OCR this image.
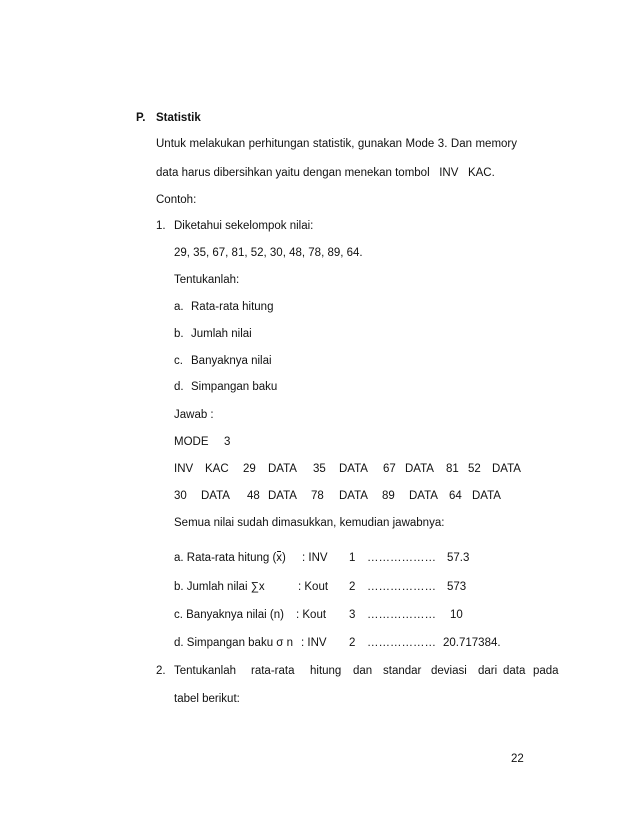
P. Statistik
Untuk melakukan perhitungan statistik, gunakan Mode 3. Dan memory
data harus dibersihkan yaitu dengan menekan tombol   INV   KAC.
Contoh:
1. Diketahui sekelompok nilai:
29, 35, 67, 81, 52, 30, 48, 78, 89, 64.
Tentukanlah:
a. Rata-rata hitung
b. Jumlah nilai
c. Banyaknya nilai
d. Simpangan baku
Jawab :
MODE 3
INV KAC 29 DATA 35 DATA 67 DATA 81 52 DATA
30 DATA 48 DATA 78 DATA 89 DATA 64 DATA
Semua nilai sudah dimasukkan, kemudian jawabnya:
a. Rata-rata hitung (x) : INV 1 ……………… 57.3
b. Jumlah nilai ∑x	: Kout 2 ……………… 573
c. Banyaknya nilai (n) : Kout 3 ……………… 10
d. Simpangan baku σ n : INV 2 ……………… 20.717384.
2. Tentukanlah rata-rata hitung dan standar deviasi dari data pada
tabel berikut:
22
